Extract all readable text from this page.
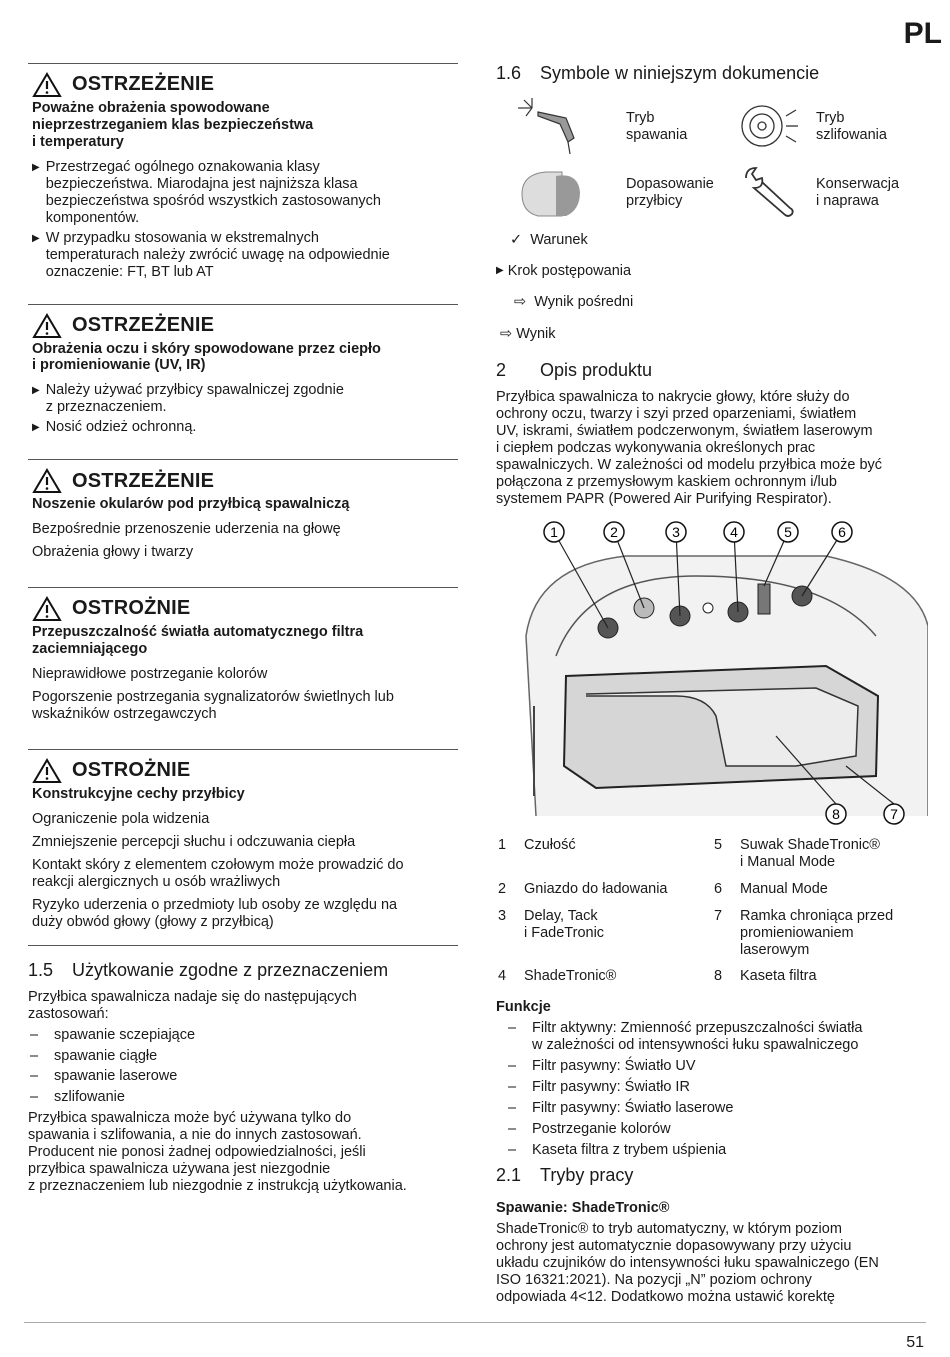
PL
OSTRZEŻENIE
Poważne obrażenia spowodowane
nieprzestrzeganiem klas bezpieczeństwa
i temperatury
▶ Przestrzegać ogólnego oznakowania klasy
bezpieczeństwa. Miarodajna jest najniższa klasa
bezpieczeństwa spośród wszystkich zastosowanych
komponentów.
▶ W przypadku stosowania w ekstremalnych
temperaturach należy zwrócić uwagę na odpowiednie
oznaczenie: FT, BT lub AT
OSTRZEŻENIE
Obrażenia oczu i skóry spowodowane przez ciepło
i promieniowanie (UV, IR)
▶ Należy używać przyłbicy spawalniczej zgodnie
z przeznaczeniem.
▶ Nosić odzież ochronną.
OSTRZEŻENIE
Noszenie okularów pod przyłbicą spawalniczą
Bezpośrednie przenoszenie uderzenia na głowę
Obrażenia głowy i twarzy
OSTROŻNIE
Przepuszczalność światła automatycznego filtra
zaciemniającego
Nieprawidłowe postrzeganie kolorów
Pogorszenie postrzegania sygnalizatorów świetlnych lub
wskaźników ostrzegawczych
OSTROŻNIE
Konstrukcyjne cechy przyłbicy
Ograniczenie pola widzenia
Zmniejszenie percepcji słuchu i odczuwania ciepła
Kontakt skóry z elementem czołowym może prowadzić do
reakcji alergicznych u osób wrażliwych
Ryzyko uderzenia o przedmioty lub osoby ze względu na
duży obwód głowy (głowy z przyłbicą)
1.5 Użytkowanie zgodne z przeznaczeniem
Przyłbica spawalnicza nadaje się do następujących
zastosowań:
–	spawanie sczepiające
–	spawanie ciągłe
–	spawanie laserowe
–	szlifowanie
Przyłbica spawalnicza może być używana tylko do
spawania i szlifowania, a nie do innych zastosowań.
Producent nie ponosi żadnej odpowiedzialności, jeśli
przyłbica spawalnicza używana jest niezgodnie
z przeznaczeniem lub niezgodnie z instrukcją użytkowania.
1.6 Symbole w niniejszym dokumencie
Tryb
spawania
Tryb
szlifowania
Dopasowanie
przyłbicy
Konserwacja
i naprawa
✓ Warunek
▶
Krok postępowania
⇨
Wynik pośredni
⇨
Wynik
2 Opis produktu
Przyłbica spawalnicza to nakrycie głowy, które służy do
ochrony oczu, twarzy i szyi przed oparzeniami, światłem
UV, iskrami, światłem podczerwonym, światłem laserowym
i ciepłem podczas wykonywania określonych prac
spawalniczych. W zależności od modelu przyłbica może być
połączona z przemysłowym kaskiem ochronnym i/lub
systemem PAPR (Powered Air Purifying Respirator).
1	2	3	4	5	6
8	7
1	Czułość	5	Suwak ShadeTronic®
i Manual Mode
2	Gniazdo do ładowania	6	Manual Mode
3	Delay, Tack
i FadeTronic
7	Ramka chroniąca przed
promieniowaniem
laserowym
4	ShadeTronic®	8	Kaseta filtra
Funkcje
–	Filtr aktywny: Zmienność przepuszczalności światła
w zależności od intensywności łuku spawalniczego
–	Filtr pasywny: Światło UV
–	Filtr pasywny: Światło IR
–	Filtr pasywny: Światło laserowe
–	Postrzeganie kolorów
–	Kaseta filtra z trybem uśpienia
2.1 Tryby pracy
Spawanie: ShadeTronic®
ShadeTronic® to tryb automatyczny, w którym poziom
ochrony jest automatycznie dopasowywany przy użyciu
układu czujników do intensywności łuku spawalniczego (EN
ISO 16321:2021). Na pozycji „N” poziom ochrony
odpowiada 4<12. Dodatkowo można ustawić korektę
51
